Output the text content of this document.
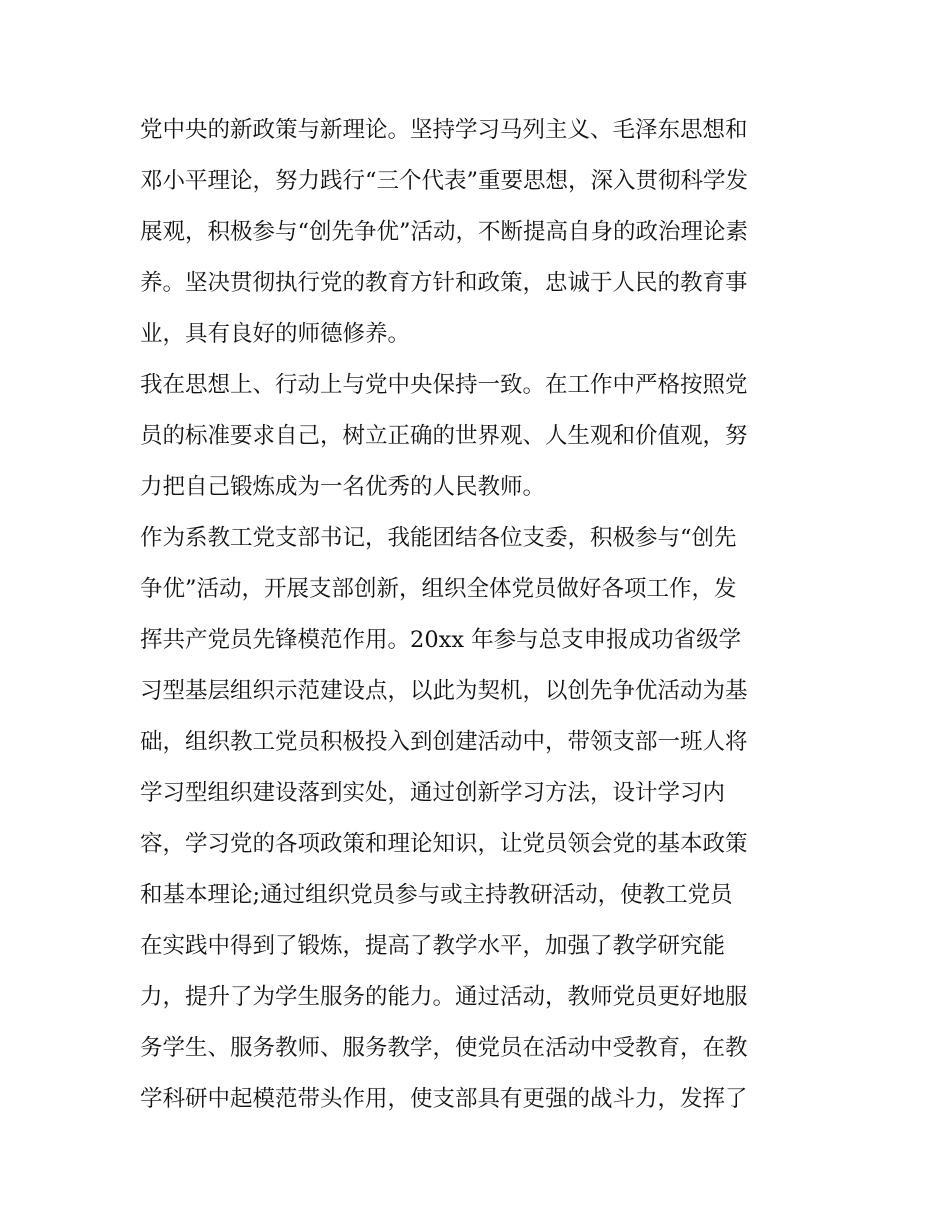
党中央的新政策与新理论。坚持学习马列主义、毛泽东思想和
邓小平理论，努力践行“三个代表”重要思想，深入贯彻科学发
展观，积极参与“创先争优”活动，不断提高自身的政治理论素
养。坚决贯彻执行党的教育方针和政策，忠诚于人民的教育事
业，具有良好的师德修养。
我在思想上、行动上与党中央保持一致。在工作中严格按照党
员的标准要求自己，树立正确的世界观、人生观和价值观，努
力把自己锻炼成为一名优秀的人民教师。
作为系教工党支部书记，我能团结各位支委，积极参与“创先
争优”活动，开展支部创新，组织全体党员做好各项工作，发
挥共产党员先锋模范作用。20xx 年参与总支申报成功省级学
习型基层组织示范建设点，以此为契机，以创先争优活动为基
础，组织教工党员积极投入到创建活动中，带领支部一班人将
学习型组织建设落到实处，通过创新学习方法，设计学习内
容，学习党的各项政策和理论知识，让党员领会党的基本政策
和基本理论;通过组织党员参与或主持教研活动，使教工党员
在实践中得到了锻炼，提高了教学水平，加强了教学研究能
力，提升了为学生服务的能力。通过活动，教师党员更好地服
务学生、服务教师、服务教学，使党员在活动中受教育，在教
学科研中起模范带头作用，使支部具有更强的战斗力，发挥了
